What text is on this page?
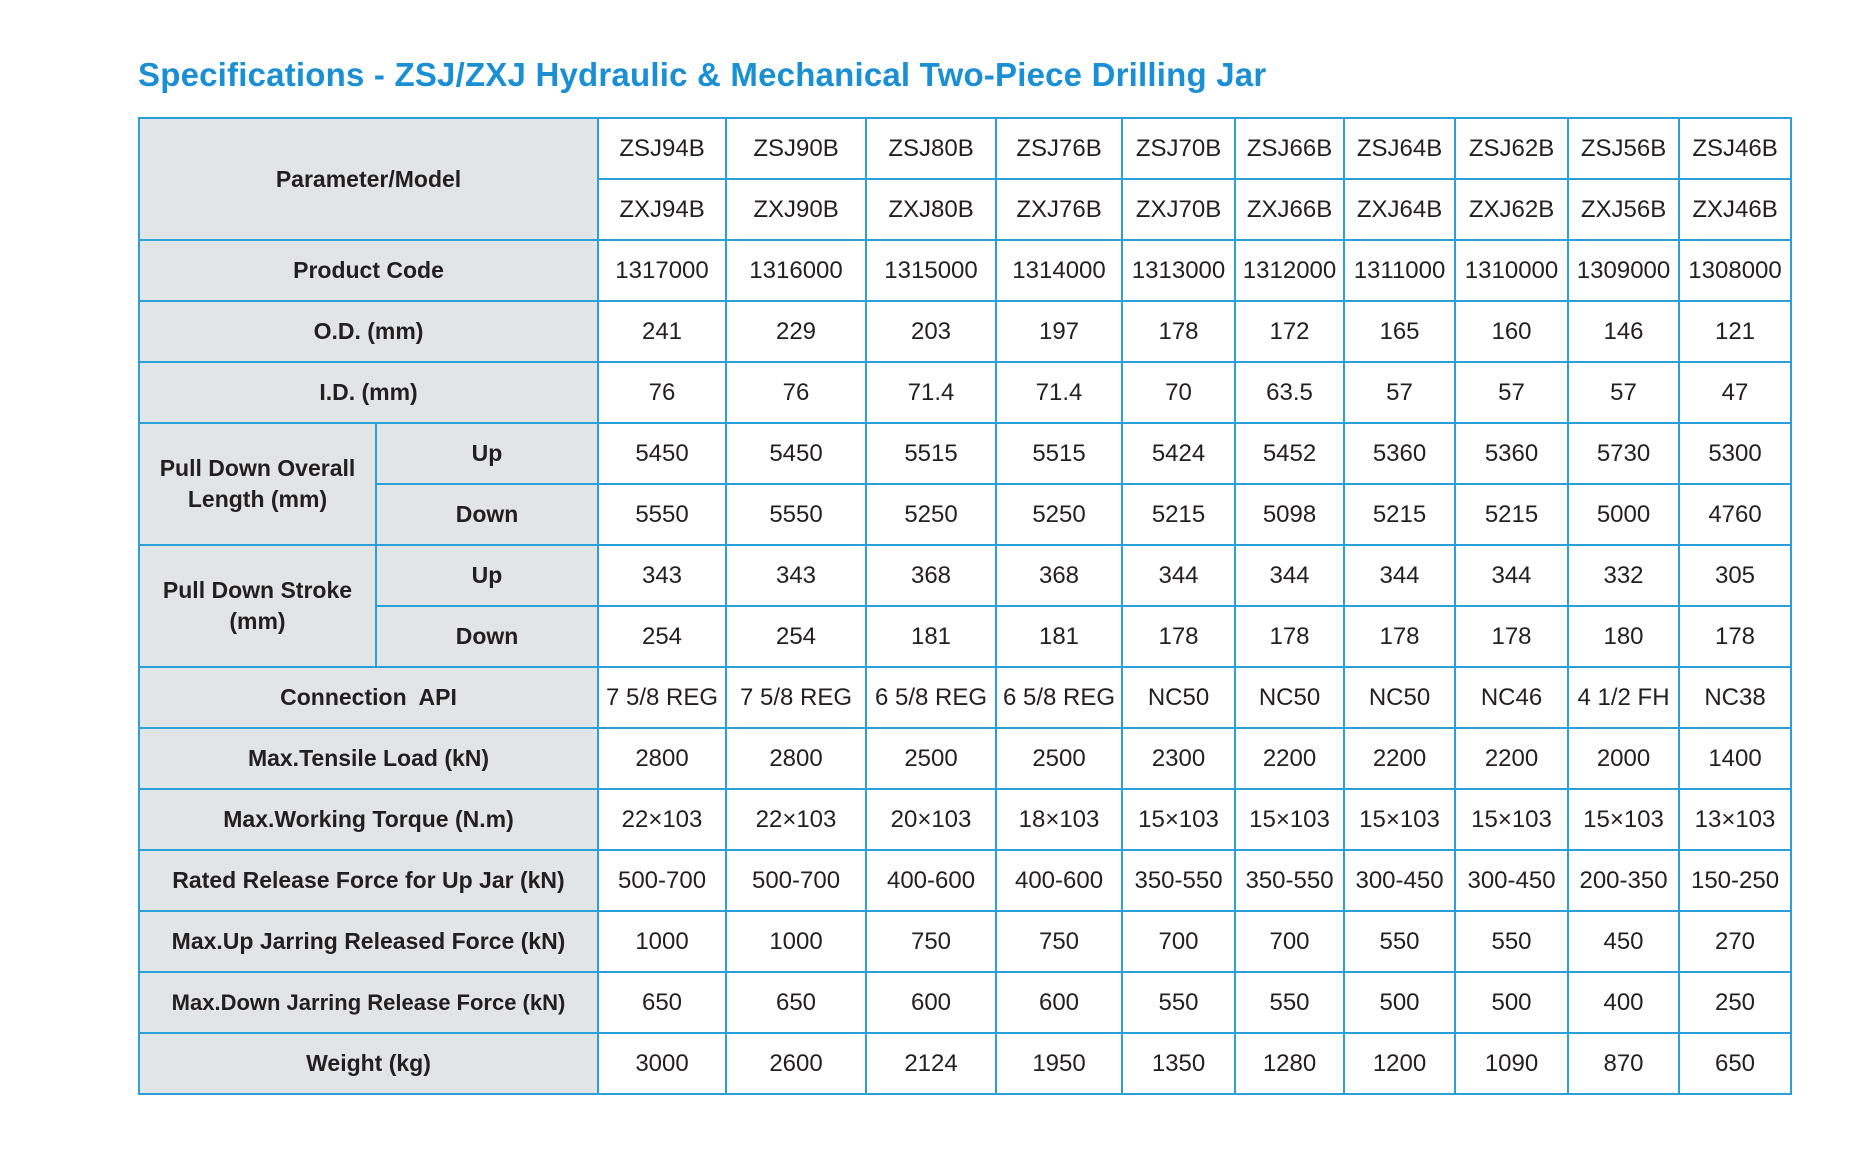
Specifications - ZSJ/ZXJ Hydraulic & Mechanical Two-Piece Drilling Jar
Parameter/Model		ZSJ94B	ZSJ90B	ZSJ80B	ZSJ76B	ZSJ70B	ZSJ66B	ZSJ64B	ZSJ62B	ZSJ56B	ZSJ46B
		ZXJ94B	ZXJ90B	ZXJ80B	ZXJ76B	ZXJ70B	ZXJ66B	ZXJ64B	ZXJ62B	ZXJ56B	ZXJ46B
Product Code		1317000	1316000	1315000	1314000	1313000	1312000	1311000	1310000	1309000	1308000
O.D. (mm)		241	229	203	197	178	172	165	160	146	121
I.D. (mm)		76	76	71.4	71.4	70	63.5	57	57	57	47
Pull Down Overall Length (mm)	Up	5450	5450	5515	5515	5424	5452	5360	5360	5730	5300
	Down	5550	5550	5250	5250	5215	5098	5215	5215	5000	4760
Pull Down Stroke (mm)	Up	343	343	368	368	344	344	344	344	332	305
	Down	254	254	181	181	178	178	178	178	180	178
Connection  API		7 5/8 REG	7 5/8 REG	6 5/8 REG	6 5/8 REG	NC50	NC50	NC50	NC46	4 1/2 FH	NC38
Max.Tensile Load (kN)		2800	2800	2500	2500	2300	2200	2200	2200	2000	1400
Max.Working Torque (N.m)		22×103	22×103	20×103	18×103	15×103	15×103	15×103	15×103	15×103	13×103
Rated Release Force for Up Jar (kN)		500-700	500-700	400-600	400-600	350-550	350-550	300-450	300-450	200-350	150-250
Max.Up Jarring Released Force (kN)		1000	1000	750	750	700	700	550	550	450	270
Max.Down Jarring Release Force (kN)		650	650	600	600	550	550	500	500	400	250
Weight (kg)		3000	2600	2124	1950	1350	1280	1200	1090	870	650
